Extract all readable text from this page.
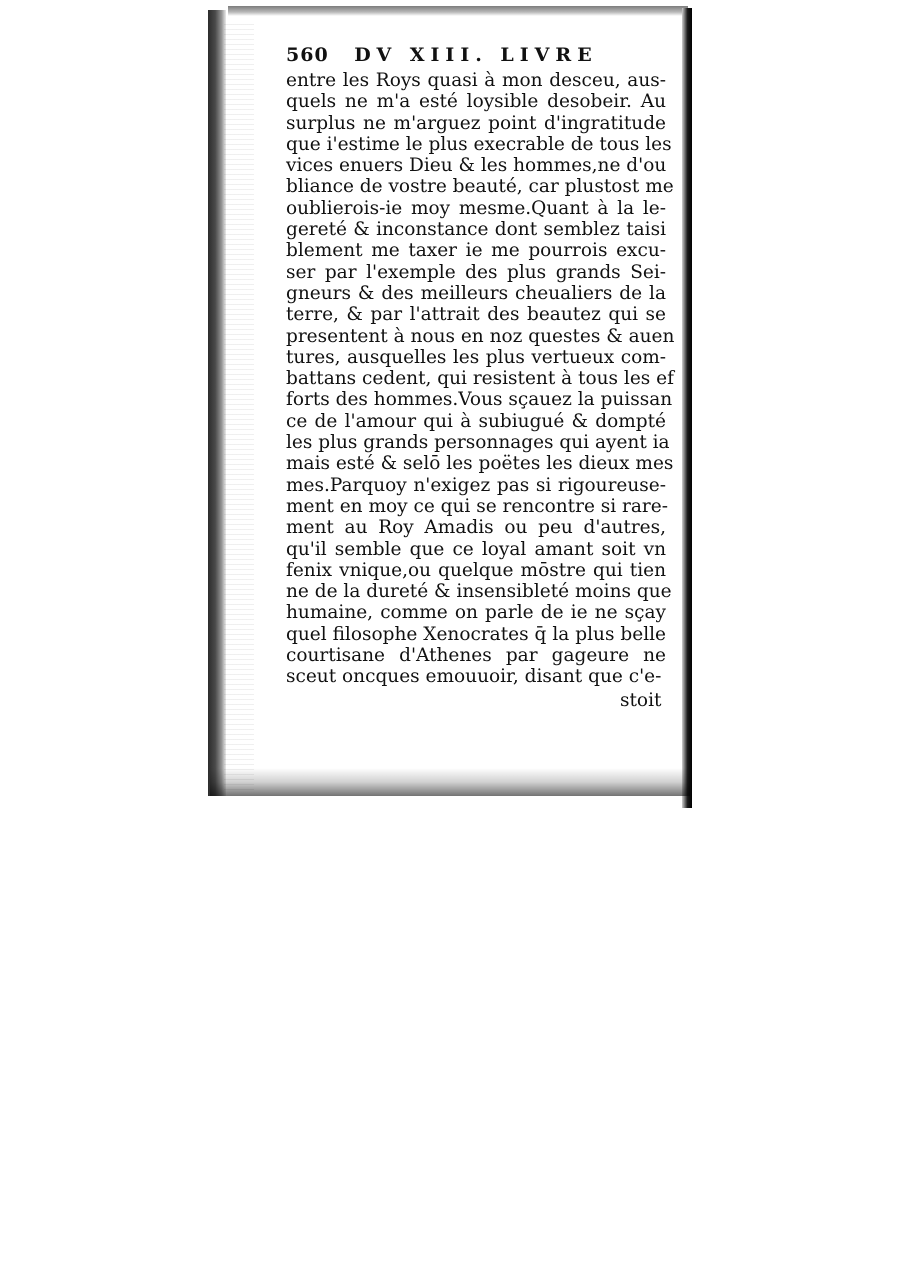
560 DV XIII. LIVRE
entre les Roys quasi à mon desceu, aus-
quels ne m'a esté loysible desobeir. Au
surplus ne m'arguez point d'ingratitude
que i'estime le plus execrable de tous les
vices enuers Dieu & les hommes,ne d'ou
bliance de vostre beauté, car plustost me
oublierois-ie moy mesme.Quant à la le-
gereté & inconstance dont semblez taisi
blement me taxer ie me pourrois excu-
ser par l'exemple des plus grands Sei-
gneurs & des meilleurs cheualiers de la
terre, & par l'attrait des beautez qui se
presentent à nous en noz questes & auen
tures, ausquelles les plus vertueux com-
battans cedent, qui resistent à tous les ef
forts des hommes.Vous sçauez la puissan
ce de l'amour qui à subiugué & dompté
les plus grands personnages qui ayent ia
mais esté & selō les poëtes les dieux mes
mes.Parquoy n'exigez pas si rigoureuse-
ment en moy ce qui se rencontre si rare-
ment au Roy Amadis ou peu d'autres,
qu'il semble que ce loyal amant soit vn
fenix vnique,ou quelque mōstre qui tien
ne de la dureté & insensibleté moins que
humaine, comme on parle de ie ne sçay
quel filosophe Xenocrates q̄ la plus belle
courtisane d'Athenes par gageure ne
sceut oncques emouuoir, disant que c'e-
stoit
